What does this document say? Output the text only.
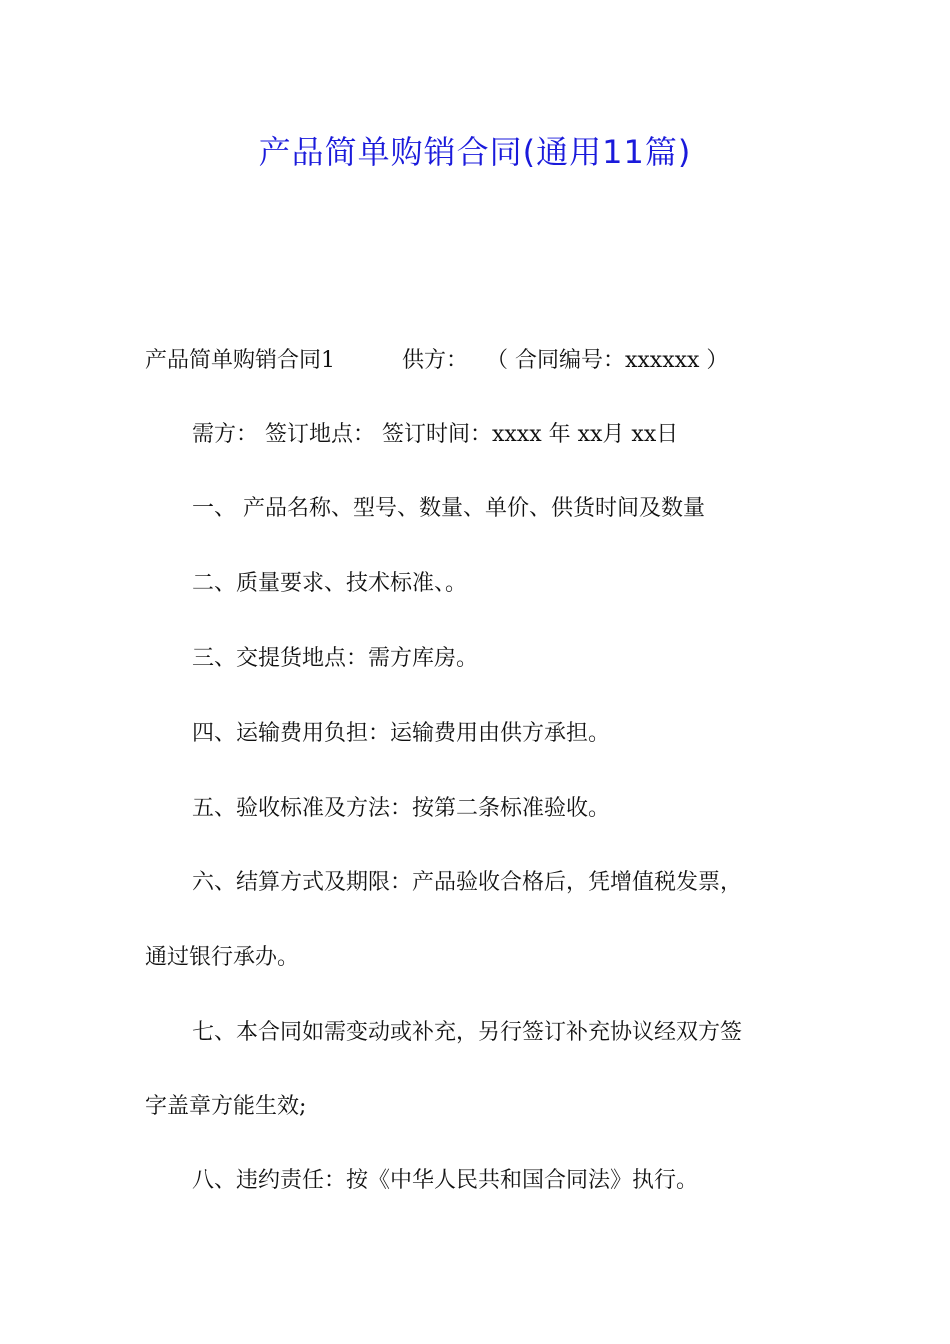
产品简单购销合同(通用11篇)
产品简单购销合同1	供方： （ 合同编号：xxxxxx ）
需方： 签订地点： 签订时间：xxxx 年 xx月 xx日
一、 产品名称、型号、数量、单价、供货时间及数量
二、质量要求、技术标准、。
三、交提货地点：需方库房。
四、运输费用负担：运输费用由供方承担。
五、验收标准及方法：按第二条标准验收。
六、结算方式及期限：产品验收合格后，凭增值税发票，
通过银行承办。
七、本合同如需变动或补充，另行签订补充协议经双方签
字盖章方能生效;
八、违约责任：按《中华人民共和国合同法》执行。
